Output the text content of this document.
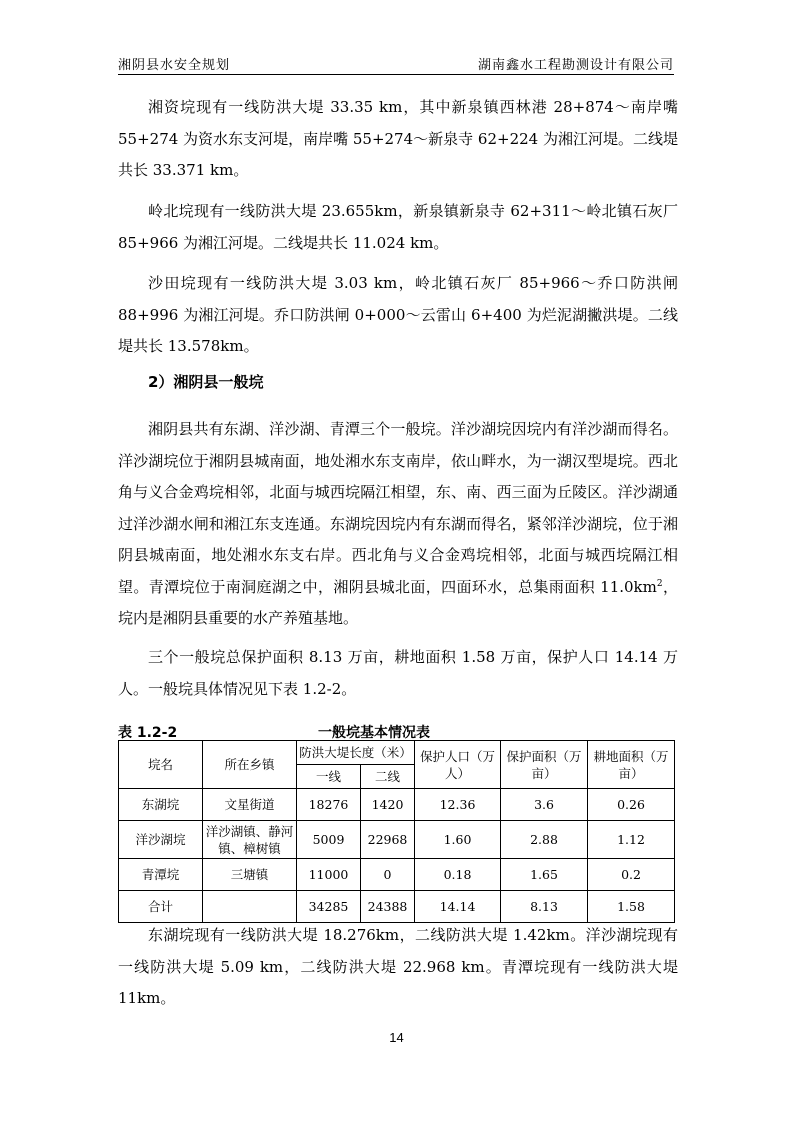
湘阴县水安全规划	湖南鑫水工程勘测设计有限公司

湘资垸现有一线防洪大堤 33.35 km，其中新泉镇西林港 28+874～南岸嘴 55+274 为资水东支河堤，南岸嘴 55+274～新泉寺 62+224 为湘江河堤。二线堤共长 33.371 km。

岭北垸现有一线防洪大堤 23.655km，新泉镇新泉寺 62+311～岭北镇石灰厂 85+966 为湘江河堤。二线堤共长 11.024 km。

沙田垸现有一线防洪大堤 3.03 km，岭北镇石灰厂 85+966～乔口防洪闸 88+996 为湘江河堤。乔口防洪闸 0+000～云雷山 6+400 为烂泥湖撇洪堤。二线堤共长 13.578km。

2）湘阴县一般垸

湘阴县共有东湖、洋沙湖、青潭三个一般垸。洋沙湖垸因垸内有洋沙湖而得名。洋沙湖垸位于湘阴县城南面，地处湘水东支南岸，依山畔水，为一湖汉型堤垸。西北角与义合金鸡垸相邻，北面与城西垸隔江相望，东、南、西三面为丘陵区。洋沙湖通过洋沙湖水闸和湘江东支连通。东湖垸因垸内有东湖而得名，紧邻洋沙湖垸，位于湘阴县城南面，地处湘水东支右岸。西北角与义合金鸡垸相邻，北面与城西垸隔江相望。青潭垸位于南洞庭湖之中，湘阴县城北面，四面环水，总集雨面积 $11.0km^2$，垸内是湘阴县重要的水产养殖基地。

三个一般垸总保护面积 8.13 万亩，耕地面积 1.58 万亩，保护人口 14.14 万人。一般垸具体情况见下表 1.2-2。

表 1.2-2	一般垸基本情况表
垸名	所在乡镇	防洪大堤长度（米）		保护人口（万人）	保护面积（万亩）	耕地面积（万亩）
		一线	二线			
东湖垸	文星街道	18276	1420	12.36	3.6	0.26
洋沙湖垸	洋沙湖镇、静河镇、樟树镇	5009	22968	1.60	2.88	1.12
青潭垸	三塘镇	11000	0	0.18	1.65	0.2
合计		34285	24388	14.14	8.13	1.58

东湖垸现有一线防洪大堤 18.276km，二线防洪大堤 1.42km。洋沙湖垸现有一线防洪大堤 5.09 km，二线防洪大堤 22.968 km。青潭垸现有一线防洪大堤 11km。

14
